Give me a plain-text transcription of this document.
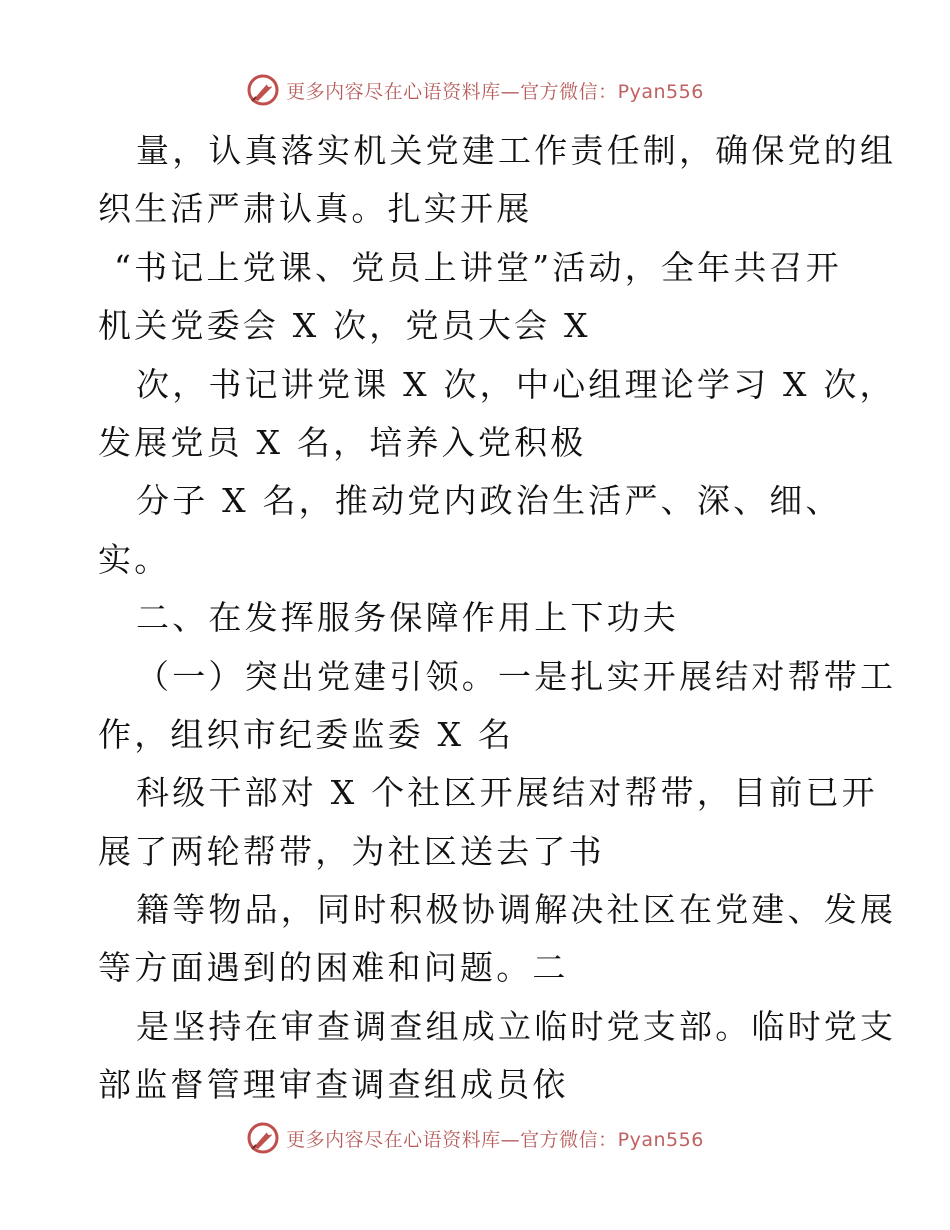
更多内容尽在心语资料库—官方微信：Pyan556
量，认真落实机关党建工作责任制，确保党的组
织生活严肃认真。扎实开展
“书记上党课、党员上讲堂”活动，全年共召开
机关党委会 X 次，党员大会 X
次，书记讲党课 X 次，中心组理论学习 X 次，
发展党员 X 名，培养入党积极
分子 X 名，推动党内政治生活严、深、细、
实。
二、在发挥服务保障作用上下功夫
（一）突出党建引领。一是扎实开展结对帮带工
作，组织市纪委监委 X 名
科级干部对 X 个社区开展结对帮带，目前已开
展了两轮帮带，为社区送去了书
籍等物品，同时积极协调解决社区在党建、发展
等方面遇到的困难和问题。二
是坚持在审查调查组成立临时党支部。临时党支
部监督管理审查调查组成员依
更多内容尽在心语资料库—官方微信：Pyan556
